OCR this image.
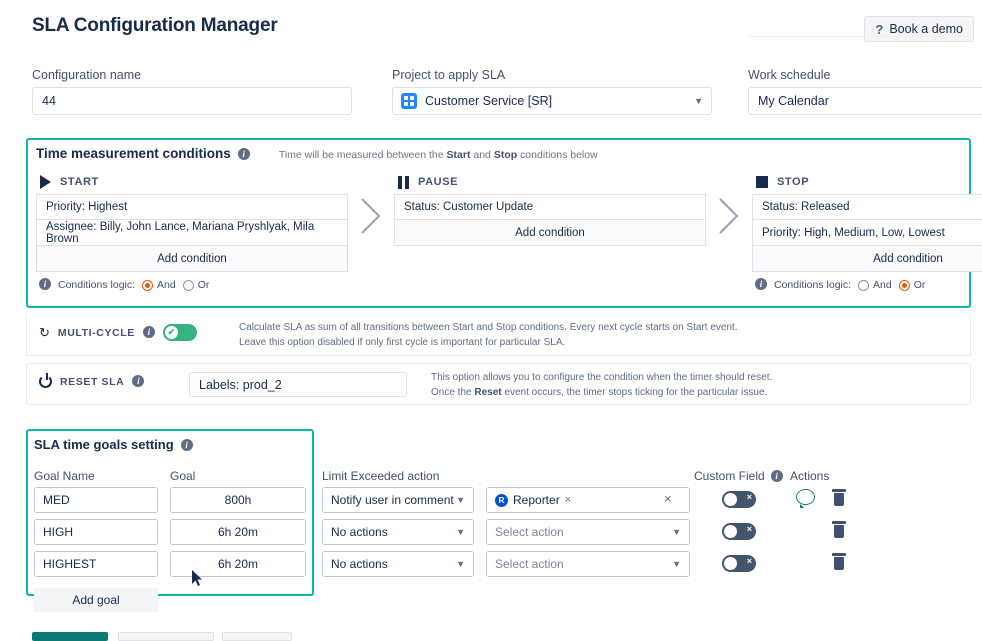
SLA Configuration Manager	? Book a demo
Configuration name
44
Project to apply SLA
Customer Service [SR]	▼
Work schedule
My Calendar
Time measurement conditions	i	Time will be measured between the Start and Stop conditions below
START
Priority: Highest
Assignee: Billy, John Lance, Mariana Pryshlyak, Mila Brown
Add condition
i	Conditions logic: And Or
PAUSE
Status: Customer Update
Add condition
STOP
Status: Released
Priority: High, Medium, Low, Lowest
Add condition
i	Conditions logic: And Or
↻ MULTI-CYCLE	i	✔	Calculate SLA as sum of all transitions between Start and Stop conditions. Every next cycle starts on Start event.
Leave this option disabled if only first cycle is important for particular SLA.
RESET SLA	i	Labels: prod_2	This option allows you to configure the condition when the timer should reset.
Once the Reset event occurs, the timer stops ticking for the particular issue.
SLA time goals setting	i
Goal Name	Goal	Limit Exceeded action	Custom Field	i	Actions
MED	800h	Notify user in comment ▼	R Reporter ×	×	×
HIGH	6h 20m	No actions	▼	Select action	▼	×
HIGHEST	6h 20m	No actions	▼	Select action	▼	×
Add goal
